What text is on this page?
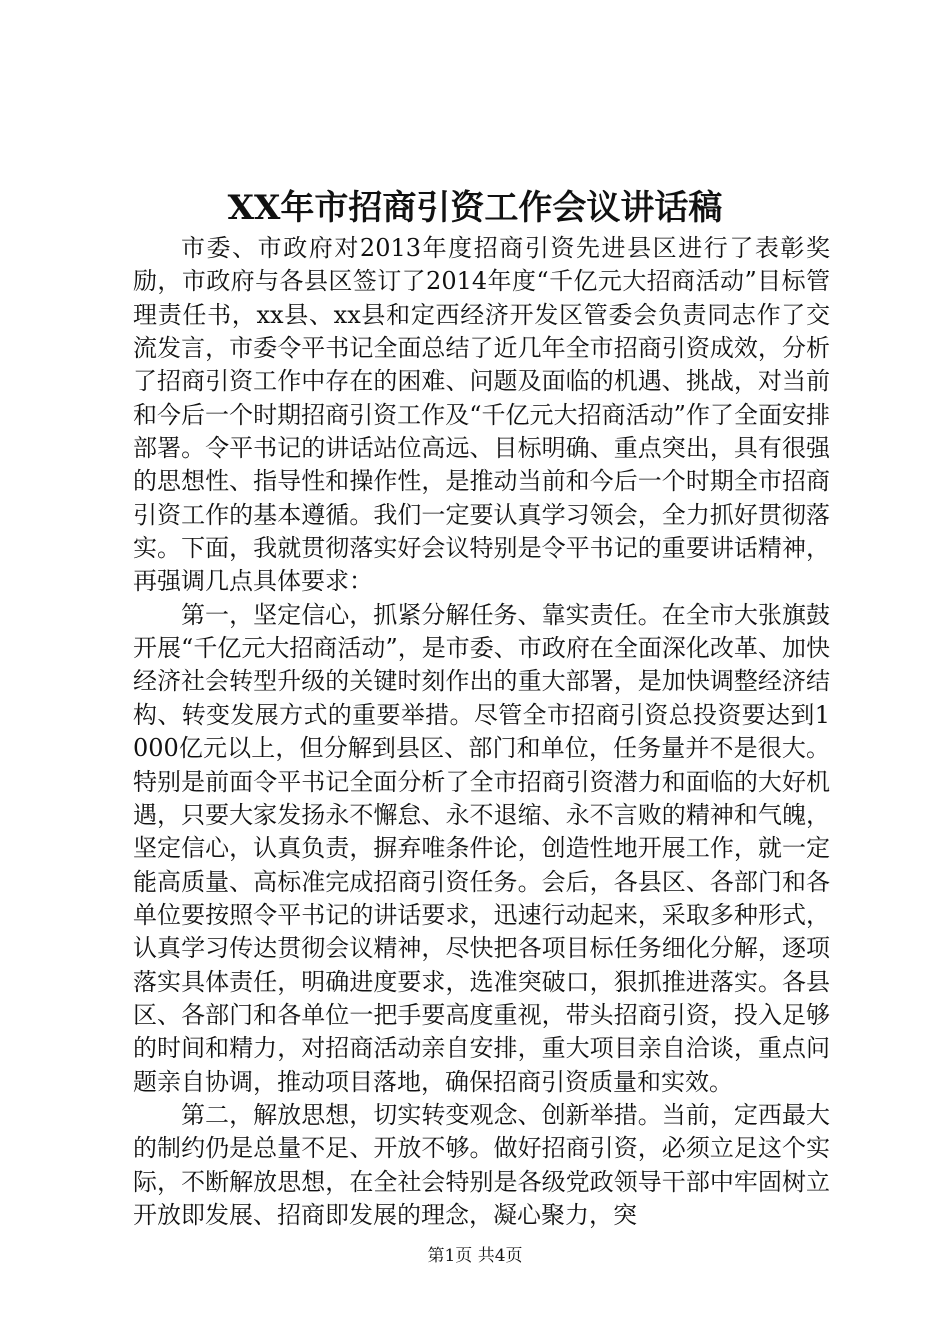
XX年市招商引资工作会议讲话稿

市委、市政府对2013年度招商引资先进县区进行了表彰奖励，市政府与各县区签订了2014年度“千亿元大招商活动”目标管理责任书，xx县、xx县和定西经济开发区管委会负责同志作了交流发言，市委令平书记全面总结了近几年全市招商引资成效，分析了招商引资工作中存在的困难、问题及面临的机遇、挑战，对当前和今后一个时期招商引资工作及“千亿元大招商活动”作了全面安排部署。令平书记的讲话站位高远、目标明确、重点突出，具有很强的思想性、指导性和操作性，是推动当前和今后一个时期全市招商引资工作的基本遵循。我们一定要认真学习领会，全力抓好贯彻落实。下面，我就贯彻落实好会议特别是令平书记的重要讲话精神，再强调几点具体要求：

第一，坚定信心，抓紧分解任务、靠实责任。在全市大张旗鼓开展“千亿元大招商活动”，是市委、市政府在全面深化改革、加快经济社会转型升级的关键时刻作出的重大部署，是加快调整经济结构、转变发展方式的重要举措。尽管全市招商引资总投资要达到1000亿元以上，但分解到县区、部门和单位，任务量并不是很大。特别是前面令平书记全面分析了全市招商引资潜力和面临的大好机遇，只要大家发扬永不懈怠、永不退缩、永不言败的精神和气魄，坚定信心，认真负责，摒弃唯条件论，创造性地开展工作，就一定能高质量、高标准完成招商引资任务。会后，各县区、各部门和各单位要按照令平书记的讲话要求，迅速行动起来，采取多种形式，认真学习传达贯彻会议精神，尽快把各项目标任务细化分解，逐项落实具体责任，明确进度要求，选准突破口，狠抓推进落实。各县区、各部门和各单位一把手要高度重视，带头招商引资，投入足够的时间和精力，对招商活动亲自安排，重大项目亲自洽谈，重点问题亲自协调，推动项目落地，确保招商引资质量和实效。

第二，解放思想，切实转变观念、创新举措。当前，定西最大的制约仍是总量不足、开放不够。做好招商引资，必须立足这个实际，不断解放思想，在全社会特别是各级党政领导干部中牢固树立开放即发展、招商即发展的理念，凝心聚力，突

第1页 共4页
